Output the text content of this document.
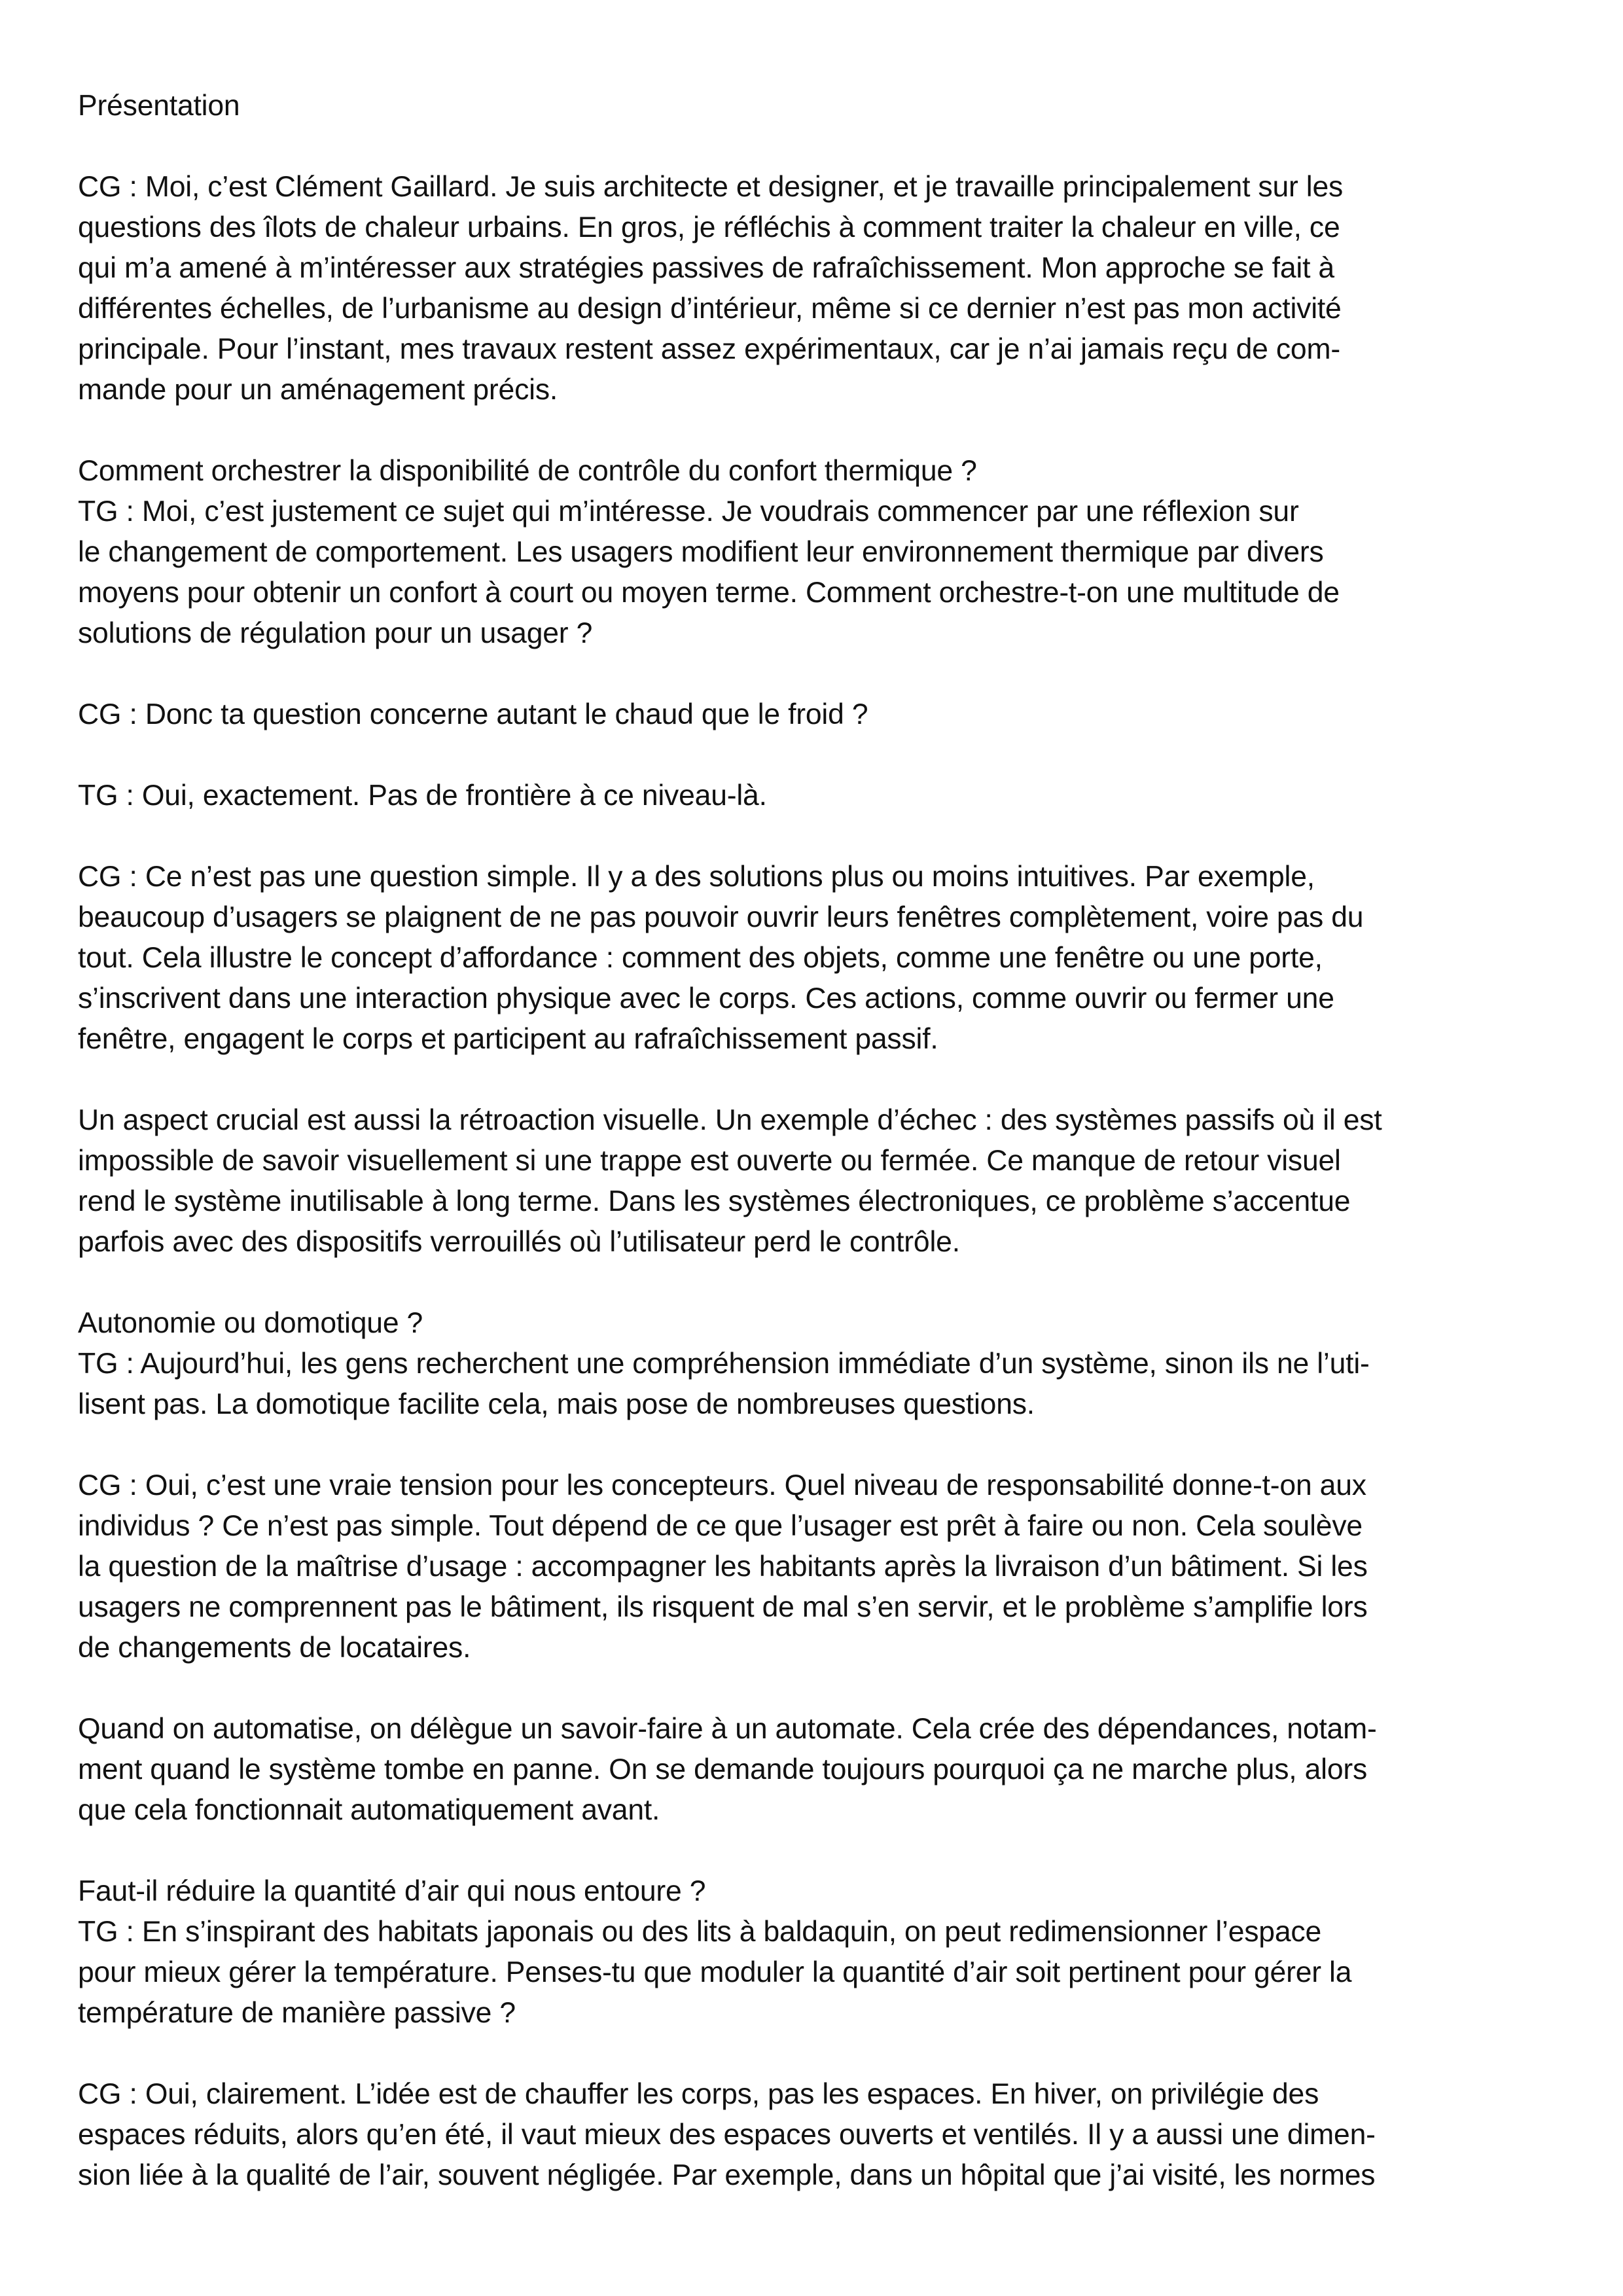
Présentation
CG : Moi, c’est Clément Gaillard. Je suis architecte et designer, et je travaille principalement sur les
questions des îlots de chaleur urbains. En gros, je réfléchis à comment traiter la chaleur en ville, ce
qui m’a amené à m’intéresser aux stratégies passives de rafraîchissement. Mon approche se fait à
différentes échelles, de l’urbanisme au design d’intérieur, même si ce dernier n’est pas mon activité
principale. Pour l’instant, mes travaux restent assez expérimentaux, car je n’ai jamais reçu de com-
mande pour un aménagement précis.
Comment orchestrer la disponibilité de contrôle du confort thermique ?
TG : Moi, c’est justement ce sujet qui m’intéresse. Je voudrais commencer par une réflexion sur
le changement de comportement. Les usagers modifient leur environnement thermique par divers
moyens pour obtenir un confort à court ou moyen terme. Comment orchestre-t-on une multitude de
solutions de régulation pour un usager ?
CG : Donc ta question concerne autant le chaud que le froid ?
TG : Oui, exactement. Pas de frontière à ce niveau-là.
CG : Ce n’est pas une question simple. Il y a des solutions plus ou moins intuitives. Par exemple,
beaucoup d’usagers se plaignent de ne pas pouvoir ouvrir leurs fenêtres complètement, voire pas du
tout. Cela illustre le concept d’affordance : comment des objets, comme une fenêtre ou une porte,
s’inscrivent dans une interaction physique avec le corps. Ces actions, comme ouvrir ou fermer une
fenêtre, engagent le corps et participent au rafraîchissement passif.
Un aspect crucial est aussi la rétroaction visuelle. Un exemple d’échec : des systèmes passifs où il est
impossible de savoir visuellement si une trappe est ouverte ou fermée. Ce manque de retour visuel
rend le système inutilisable à long terme. Dans les systèmes électroniques, ce problème s’accentue
parfois avec des dispositifs verrouillés où l’utilisateur perd le contrôle.
Autonomie ou domotique ?
TG : Aujourd’hui, les gens recherchent une compréhension immédiate d’un système, sinon ils ne l’uti-
lisent pas. La domotique facilite cela, mais pose de nombreuses questions.
CG : Oui, c’est une vraie tension pour les concepteurs. Quel niveau de responsabilité donne-t-on aux
individus ? Ce n’est pas simple. Tout dépend de ce que l’usager est prêt à faire ou non. Cela soulève
la question de la maîtrise d’usage : accompagner les habitants après la livraison d’un bâtiment. Si les
usagers ne comprennent pas le bâtiment, ils risquent de mal s’en servir, et le problème s’amplifie lors
de changements de locataires.
Quand on automatise, on délègue un savoir-faire à un automate. Cela crée des dépendances, notam-
ment quand le système tombe en panne. On se demande toujours pourquoi ça ne marche plus, alors
que cela fonctionnait automatiquement avant.
Faut-il réduire la quantité d’air qui nous entoure ?
TG : En s’inspirant des habitats japonais ou des lits à baldaquin, on peut redimensionner l’espace
pour mieux gérer la température. Penses-tu que moduler la quantité d’air soit pertinent pour gérer la
température de manière passive ?
CG : Oui, clairement. L’idée est de chauffer les corps, pas les espaces. En hiver, on privilégie des
espaces réduits, alors qu’en été, il vaut mieux des espaces ouverts et ventilés. Il y a aussi une dimen-
sion liée à la qualité de l’air, souvent négligée. Par exemple, dans un hôpital que j’ai visité, les normes
